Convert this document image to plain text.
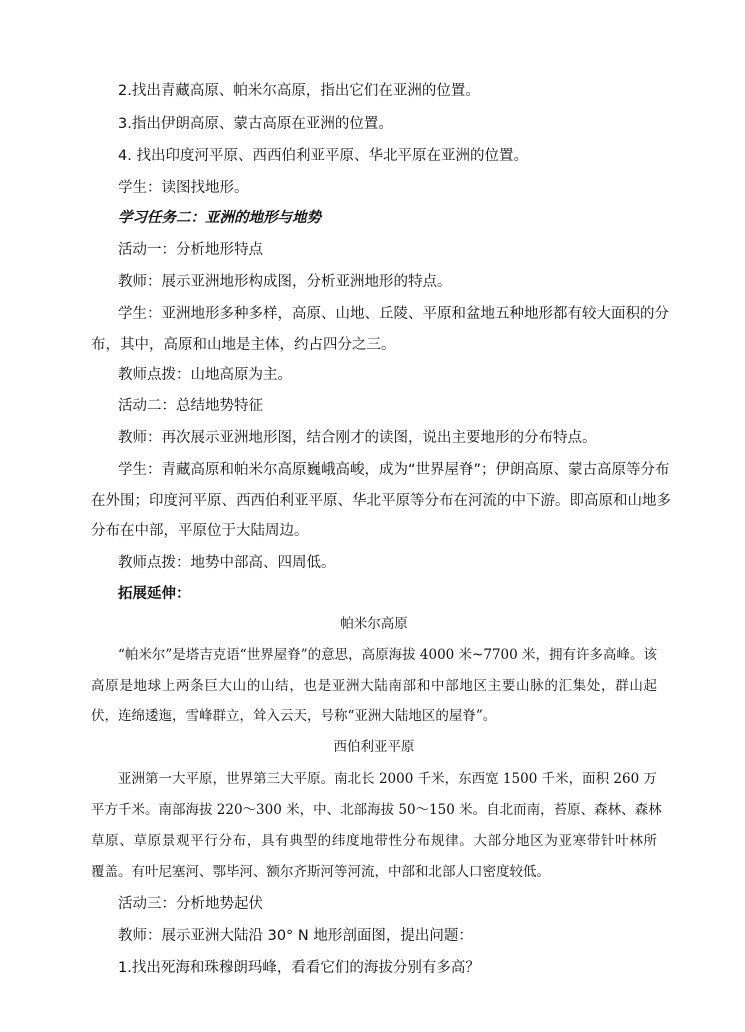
2.找出青藏高原、帕米尔高原，指出它们在亚洲的位置。
3.指出伊朗高原、蒙古高原在亚洲的位置。
4. 找出印度河平原、西西伯利亚平原、华北平原在亚洲的位置。
学生：读图找地形。
学习任务二：亚洲的地形与地势
活动一：分析地形特点
教师：展示亚洲地形构成图，分析亚洲地形的特点。
学生：亚洲地形多种多样，高原、山地、丘陵、平原和盆地五种地形都有较大面积的分
布，其中，高原和山地是主体，约占四分之三。
教师点拨：山地高原为主。
活动二：总结地势特征
教师：再次展示亚洲地形图，结合刚才的读图，说出主要地形的分布特点。
学生：青藏高原和帕米尔高原巍峨高峻，成为“世界屋脊”；伊朗高原、蒙古高原等分布
在外围；印度河平原、西西伯利亚平原、华北平原等分布在河流的中下游。即高原和山地多
分布在中部，平原位于大陆周边。
教师点拨：地势中部高、四周低。
拓展延伸：
帕米尔高原
“帕米尔”是塔吉克语“世界屋脊”的意思，高原海拔 4000 米~7700 米，拥有许多高峰。该
高原是地球上两条巨大山的山结，也是亚洲大陆南部和中部地区主要山脉的汇集处，群山起
伏，连绵逶迤，雪峰群立，耸入云天，号称“亚洲大陆地区的屋脊”。
西伯利亚平原
亚洲第一大平原，世界第三大平原。南北长 2000 千米，东西宽 1500 千米，面积 260 万
平方千米。南部海拔 220～300 米，中、北部海拔 50～150 米。自北而南，苔原、森林、森林
草原、草原景观平行分布，具有典型的纬度地带性分布规律。大部分地区为亚寒带针叶林所
覆盖。有叶尼塞河、鄂毕河、额尔齐斯河等河流，中部和北部人口密度较低。
活动三：分析地势起伏
教师：展示亚洲大陆沿 30° N 地形剖面图，提出问题：
1.找出死海和珠穆朗玛峰，看看它们的海拔分别有多高？
